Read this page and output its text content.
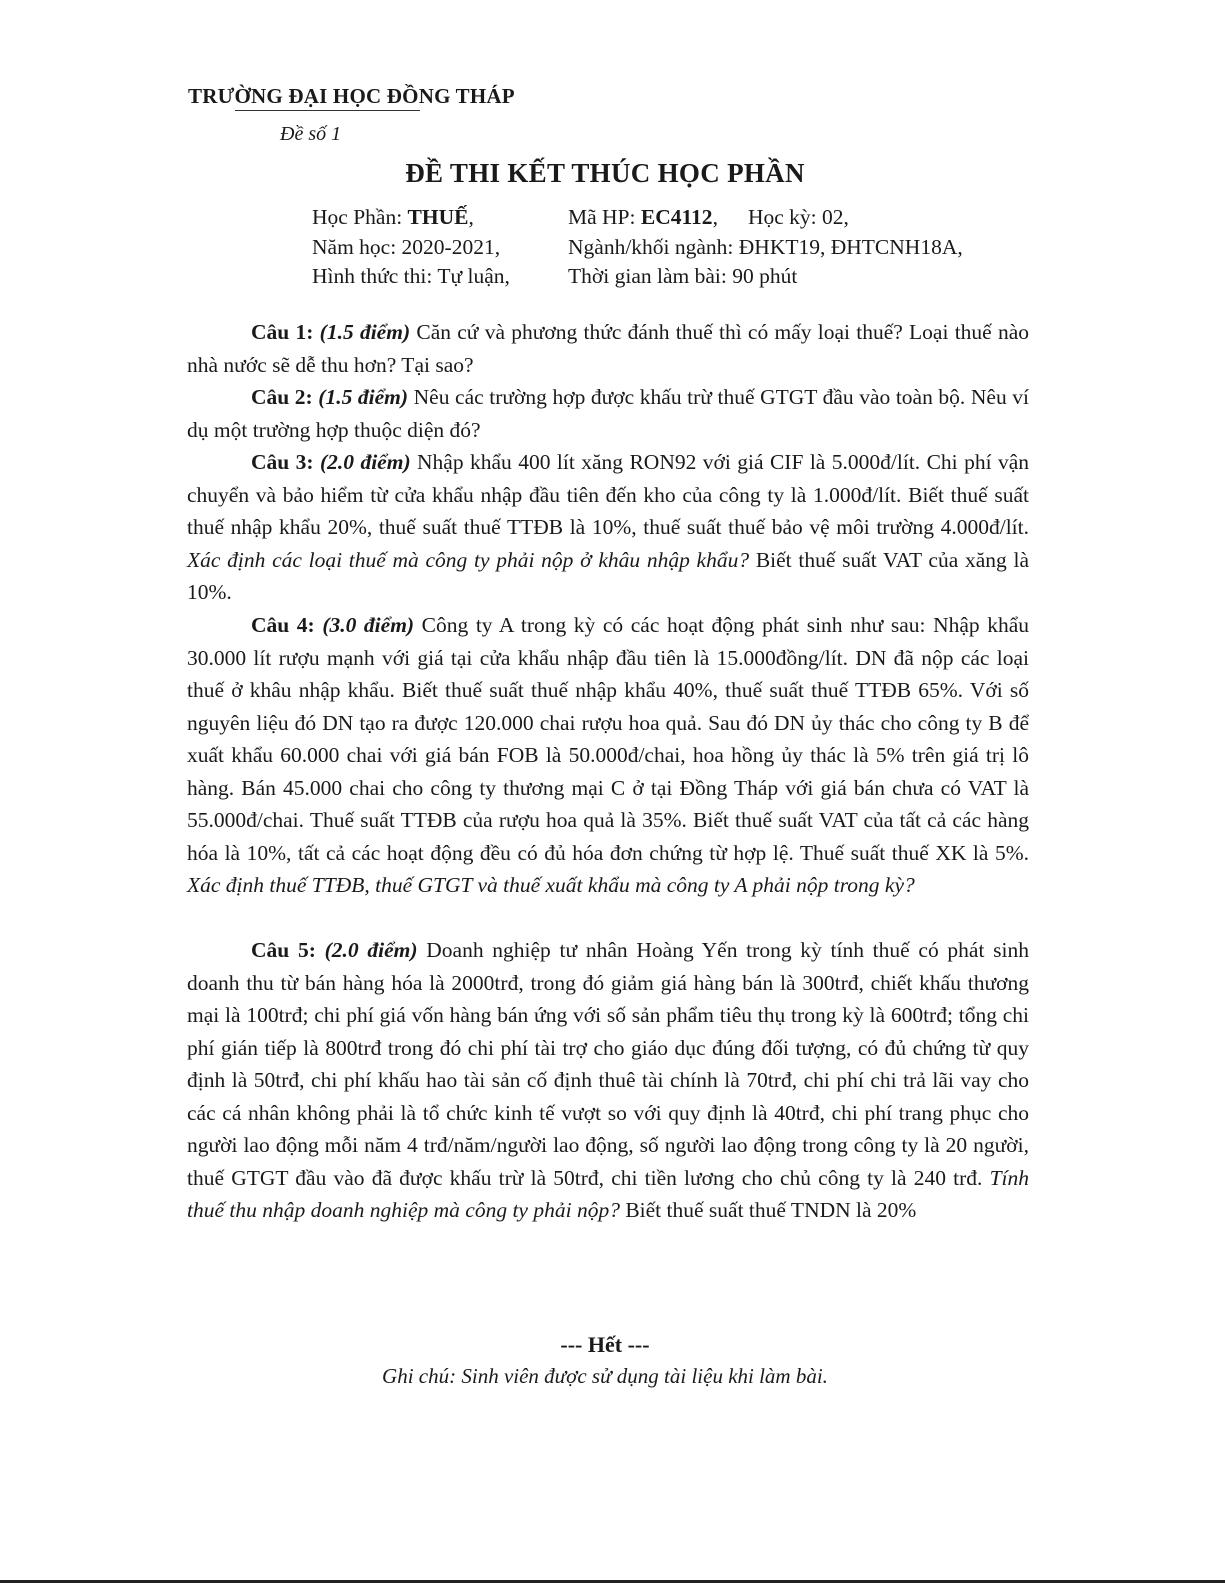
TRƯỜNG ĐẠI HỌC ĐỒNG THÁP
Đề số 1
ĐỀ THI KẾT THÚC HỌC PHẦN
Học Phần: THUẾ,
Năm học: 2020-2021,
Hình thức thi: Tự luận,
Mã HP: EC4112, Học kỳ: 02,
Ngành/khối ngành: ĐHKT19, ĐHTCNH18A,
Thời gian làm bài: 90 phút
Câu 1: (1.5 điểm) Căn cứ và phương thức đánh thuế thì có mấy loại thuế? Loại thuế nào nhà nước sẽ dễ thu hơn? Tại sao?
Câu 2: (1.5 điểm) Nêu các trường hợp được khấu trừ thuế GTGT đầu vào toàn bộ. Nêu ví dụ một trường hợp thuộc diện đó?
Câu 3: (2.0 điểm) Nhập khẩu 400 lít xăng RON92 với giá CIF là 5.000đ/lít. Chi phí vận chuyển và bảo hiểm từ cửa khẩu nhập đầu tiên đến kho của công ty là 1.000đ/lít. Biết thuế suất thuế nhập khẩu 20%, thuế suất thuế TTĐB là 10%, thuế suất thuế bảo vệ môi trường 4.000đ/lít. Xác định các loại thuế mà công ty phải nộp ở khâu nhập khẩu? Biết thuế suất VAT của xăng là 10%.
Câu 4: (3.0 điểm) Công ty A trong kỳ có các hoạt động phát sinh như sau: Nhập khẩu 30.000 lít rượu mạnh với giá tại cửa khẩu nhập đầu tiên là 15.000đồng/lít. DN đã nộp các loại thuế ở khâu nhập khẩu. Biết thuế suất thuế nhập khẩu 40%, thuế suất thuế TTĐB 65%. Với số nguyên liệu đó DN tạo ra được 120.000 chai rượu hoa quả. Sau đó DN ủy thác cho công ty B để xuất khẩu 60.000 chai với giá bán FOB là 50.000đ/chai, hoa hồng ủy thác là 5% trên giá trị lô hàng. Bán 45.000 chai cho công ty thương mại C ở tại Đồng Tháp với giá bán chưa có VAT là 55.000đ/chai. Thuế suất TTĐB của rượu hoa quả là 35%. Biết thuế suất VAT của tất cả các hàng hóa là 10%, tất cả các hoạt động đều có đủ hóa đơn chứng từ hợp lệ. Thuế suất thuế XK là 5%. Xác định thuế TTĐB, thuế GTGT và thuế xuất khẩu mà công ty A phải nộp trong kỳ?
Câu 5: (2.0 điểm) Doanh nghiệp tư nhân Hoàng Yến trong kỳ tính thuế có phát sinh doanh thu từ bán hàng hóa là 2000trđ, trong đó giảm giá hàng bán là 300trđ, chiết khấu thương mại là 100trđ; chi phí giá vốn hàng bán ứng với số sản phẩm tiêu thụ trong kỳ là 600trđ; tổng chi phí gián tiếp là 800trđ trong đó chi phí tài trợ cho giáo dục đúng đối tượng, có đủ chứng từ quy định là 50trđ, chi phí khấu hao tài sản cố định thuê tài chính là 70trđ, chi phí chi trả lãi vay cho các cá nhân không phải là tổ chức kinh tế vượt so với quy định là 40trđ, chi phí trang phục cho người lao động mỗi năm 4 trđ/năm/người lao động, số người lao động trong công ty là 20 người, thuế GTGT đầu vào đã được khấu trừ là 50trđ, chi tiền lương cho chủ công ty là 240 trđ. Tính thuế thu nhập doanh nghiệp mà công ty phải nộp? Biết thuế suất thuế TNDN là 20%
--- Hết ---
Ghi chú: Sinh viên được sử dụng tài liệu khi làm bài.
